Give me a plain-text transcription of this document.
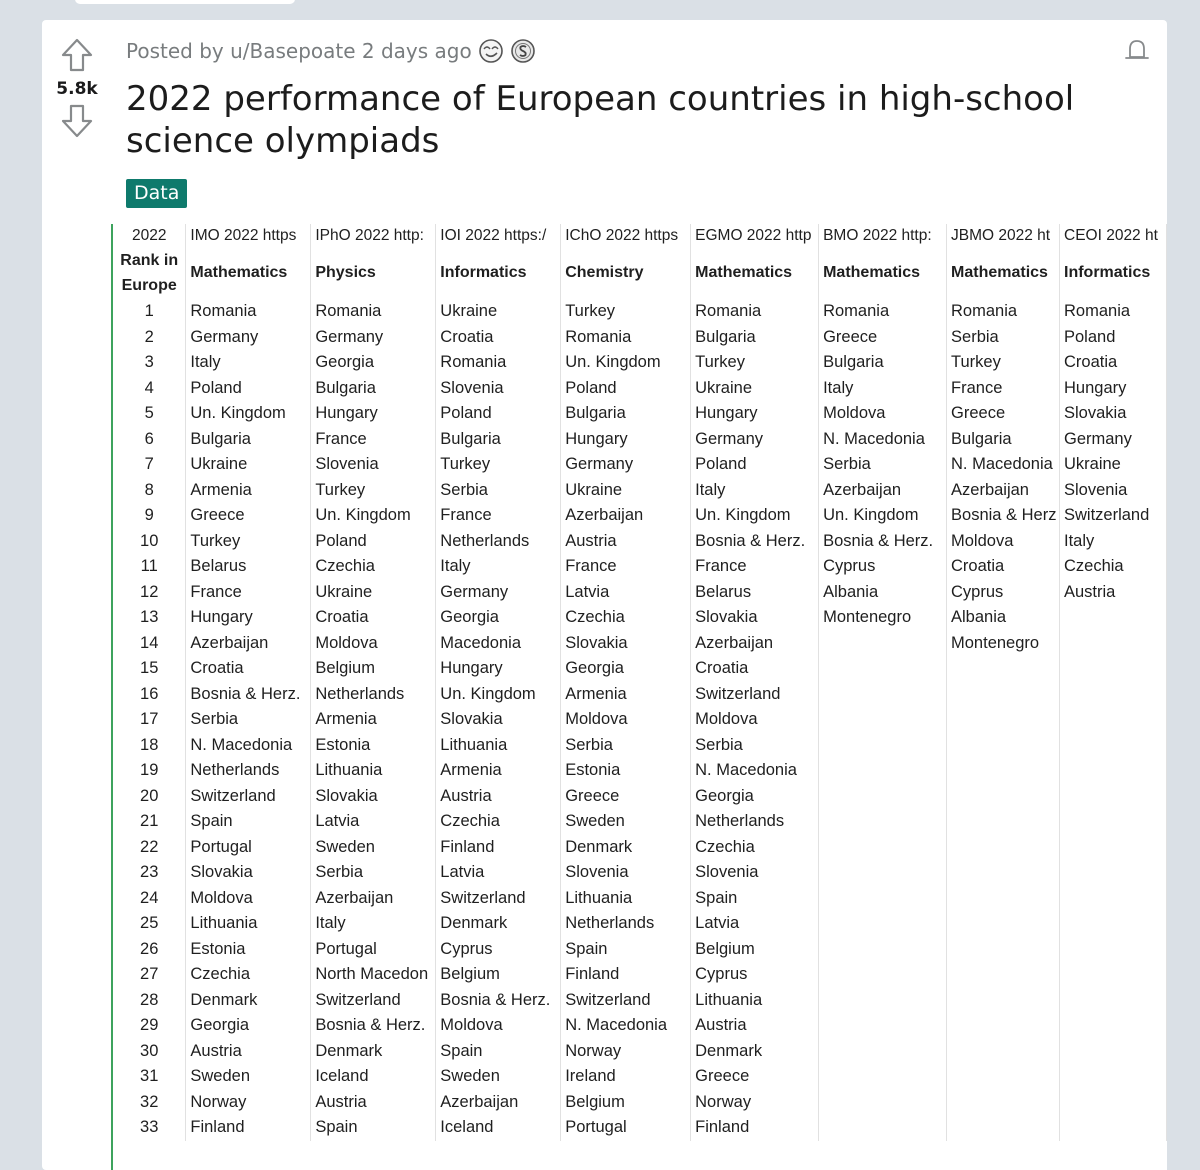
5.8k
Posted by u/Basepoate 2 days ago
2022 performance of European countries in high-school science olympiads
Data
2022	IMO 2022 https	IPhO 2022 http:	IOI 2022 https:/	IChO 2022 https	EGMO 2022 http	BMO 2022 http:	JBMO 2022 ht	CEOI 2022 ht
Rank in Europe	Mathematics	Physics	Informatics	Chemistry	Mathematics	Mathematics	Mathematics	Informatics
1	Romania	Romania	Ukraine	Turkey	Romania	Romania	Romania	Romania
2	Germany	Germany	Croatia	Romania	Bulgaria	Greece	Serbia	Poland
3	Italy	Georgia	Romania	Un. Kingdom	Turkey	Bulgaria	Turkey	Croatia
4	Poland	Bulgaria	Slovenia	Poland	Ukraine	Italy	France	Hungary
5	Un. Kingdom	Hungary	Poland	Bulgaria	Hungary	Moldova	Greece	Slovakia
6	Bulgaria	France	Bulgaria	Hungary	Germany	N. Macedonia	Bulgaria	Germany
7	Ukraine	Slovenia	Turkey	Germany	Poland	Serbia	N. Macedonia	Ukraine
8	Armenia	Turkey	Serbia	Ukraine	Italy	Azerbaijan	Azerbaijan	Slovenia
9	Greece	Un. Kingdom	France	Azerbaijan	Un. Kingdom	Un. Kingdom	Bosnia & Herz	Switzerland
10	Turkey	Poland	Netherlands	Austria	Bosnia & Herz.	Bosnia & Herz.	Moldova	Italy
11	Belarus	Czechia	Italy	France	France	Cyprus	Croatia	Czechia
12	France	Ukraine	Germany	Latvia	Belarus	Albania	Cyprus	Austria
13	Hungary	Croatia	Georgia	Czechia	Slovakia	Montenegro	Albania	
14	Azerbaijan	Moldova	Macedonia	Slovakia	Azerbaijan		Montenegro	
15	Croatia	Belgium	Hungary	Georgia	Croatia			
16	Bosnia & Herz.	Netherlands	Un. Kingdom	Armenia	Switzerland			
17	Serbia	Armenia	Slovakia	Moldova	Moldova			
18	N. Macedonia	Estonia	Lithuania	Serbia	Serbia			
19	Netherlands	Lithuania	Armenia	Estonia	N. Macedonia			
20	Switzerland	Slovakia	Austria	Greece	Georgia			
21	Spain	Latvia	Czechia	Sweden	Netherlands			
22	Portugal	Sweden	Finland	Denmark	Czechia			
23	Slovakia	Serbia	Latvia	Slovenia	Slovenia			
24	Moldova	Azerbaijan	Switzerland	Lithuania	Spain			
25	Lithuania	Italy	Denmark	Netherlands	Latvia			
26	Estonia	Portugal	Cyprus	Spain	Belgium			
27	Czechia	North Macedon	Belgium	Finland	Cyprus			
28	Denmark	Switzerland	Bosnia & Herz.	Switzerland	Lithuania			
29	Georgia	Bosnia & Herz.	Moldova	N. Macedonia	Austria			
30	Austria	Denmark	Spain	Norway	Denmark			
31	Sweden	Iceland	Sweden	Ireland	Greece			
32	Norway	Austria	Azerbaijan	Belgium	Norway			
33	Finland	Spain	Iceland	Portugal	Finland			
